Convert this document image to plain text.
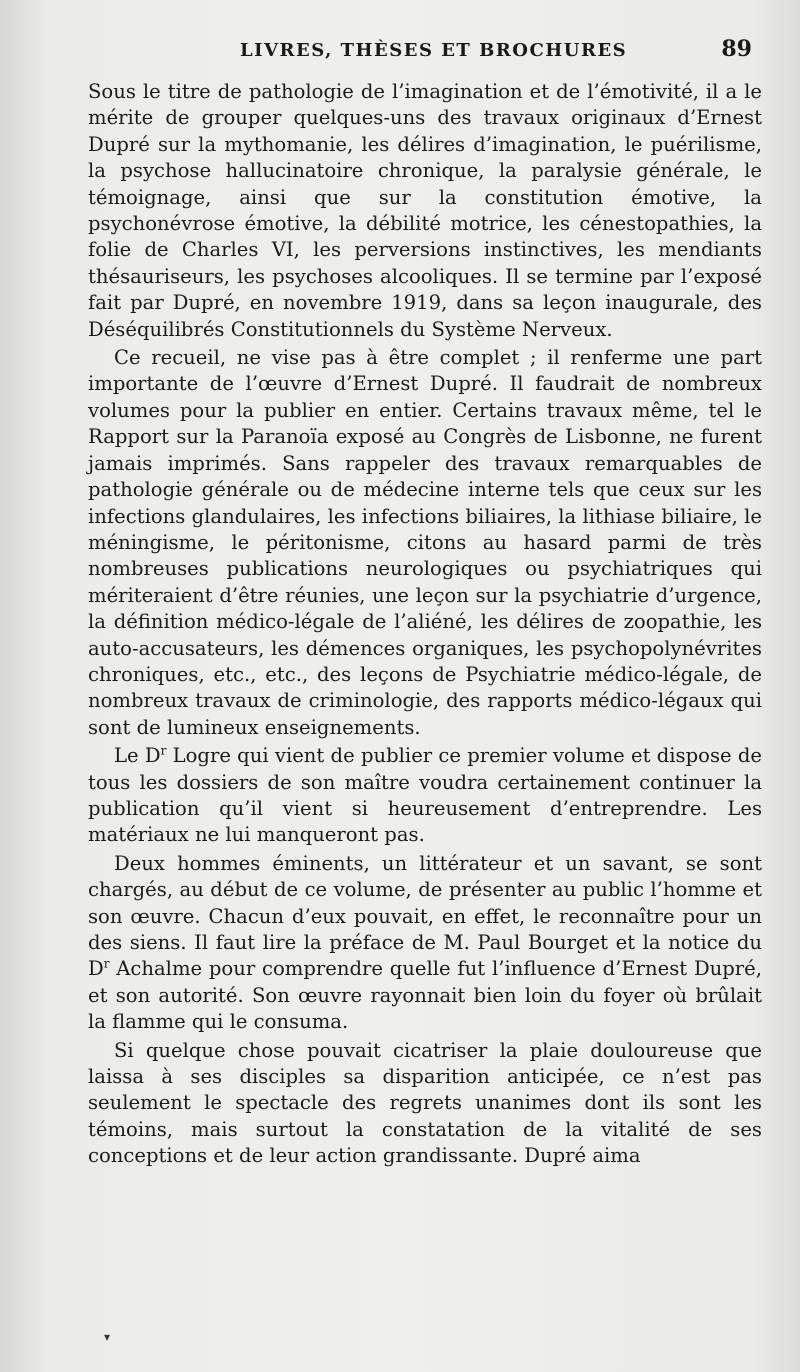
LIVRES, THÈSES ET BROCHURES	89

Sous le titre de pathologie de l’imagination et de l’émotivité, il a le mérite de grouper quelques-uns des travaux originaux d’Ernest Dupré sur la mythomanie, les délires d’imagination, le puérilisme, la psychose hallucinatoire chronique, la paralysie générale, le témoignage, ainsi que sur la constitution émotive, la psychonévrose émotive, la débilité motrice, les cénestopathies, la folie de Charles VI, les perversions instinctives, les mendiants thésauriseurs, les psychoses alcooliques. Il se termine par l’exposé fait par Dupré, en novembre 1919, dans sa leçon inaugurale, des Déséquilibrés Constitutionnels du Système Nerveux.

Ce recueil, ne vise pas à être complet ; il renferme une part importante de l’œuvre d’Ernest Dupré. Il faudrait de nombreux volumes pour la publier en entier. Certains travaux même, tel le Rapport sur la Paranoïa exposé au Congrès de Lisbonne, ne furent jamais imprimés. Sans rappeler des travaux remarquables de pathologie générale ou de médecine interne tels que ceux sur les infections glandulaires, les infections biliaires, la lithiase biliaire, le méningisme, le péritonisme, citons au hasard parmi de très nombreuses publications neurologiques ou psychiatriques qui mériteraient d’être réunies, une leçon sur la psychiatrie d’urgence, la définition médico-légale de l’aliéné, les délires de zoopathie, les auto-accusateurs, les démences organiques, les psychopolynévrites chroniques, etc., etc., des leçons de Psychiatrie médico-légale, de nombreux travaux de criminologie, des rapports médico-légaux qui sont de lumineux enseignements.

Le $D^r$ Logre qui vient de publier ce premier volume et dispose de tous les dossiers de son maître voudra certainement continuer la publication qu’il vient si heureusement d’entreprendre. Les matériaux ne lui manqueront pas.

Deux hommes éminents, un littérateur et un savant, se sont chargés, au début de ce volume, de présenter au public l’homme et son œuvre. Chacun d’eux pouvait, en effet, le reconnaître pour un des siens. Il faut lire la préface de M. Paul Bourget et la notice du $D^r$ Achalme pour comprendre quelle fut l’influence d’Ernest Dupré, et son autorité. Son œuvre rayonnait bien loin du foyer où brûlait la flamme qui le consuma.

Si quelque chose pouvait cicatriser la plaie douloureuse que laissa à ses disciples sa disparition anticipée, ce n’est pas seulement le spectacle des regrets unanimes dont ils sont les témoins, mais surtout la constatation de la vitalité de ses conceptions et de leur action grandissante. Dupré aima

▾
